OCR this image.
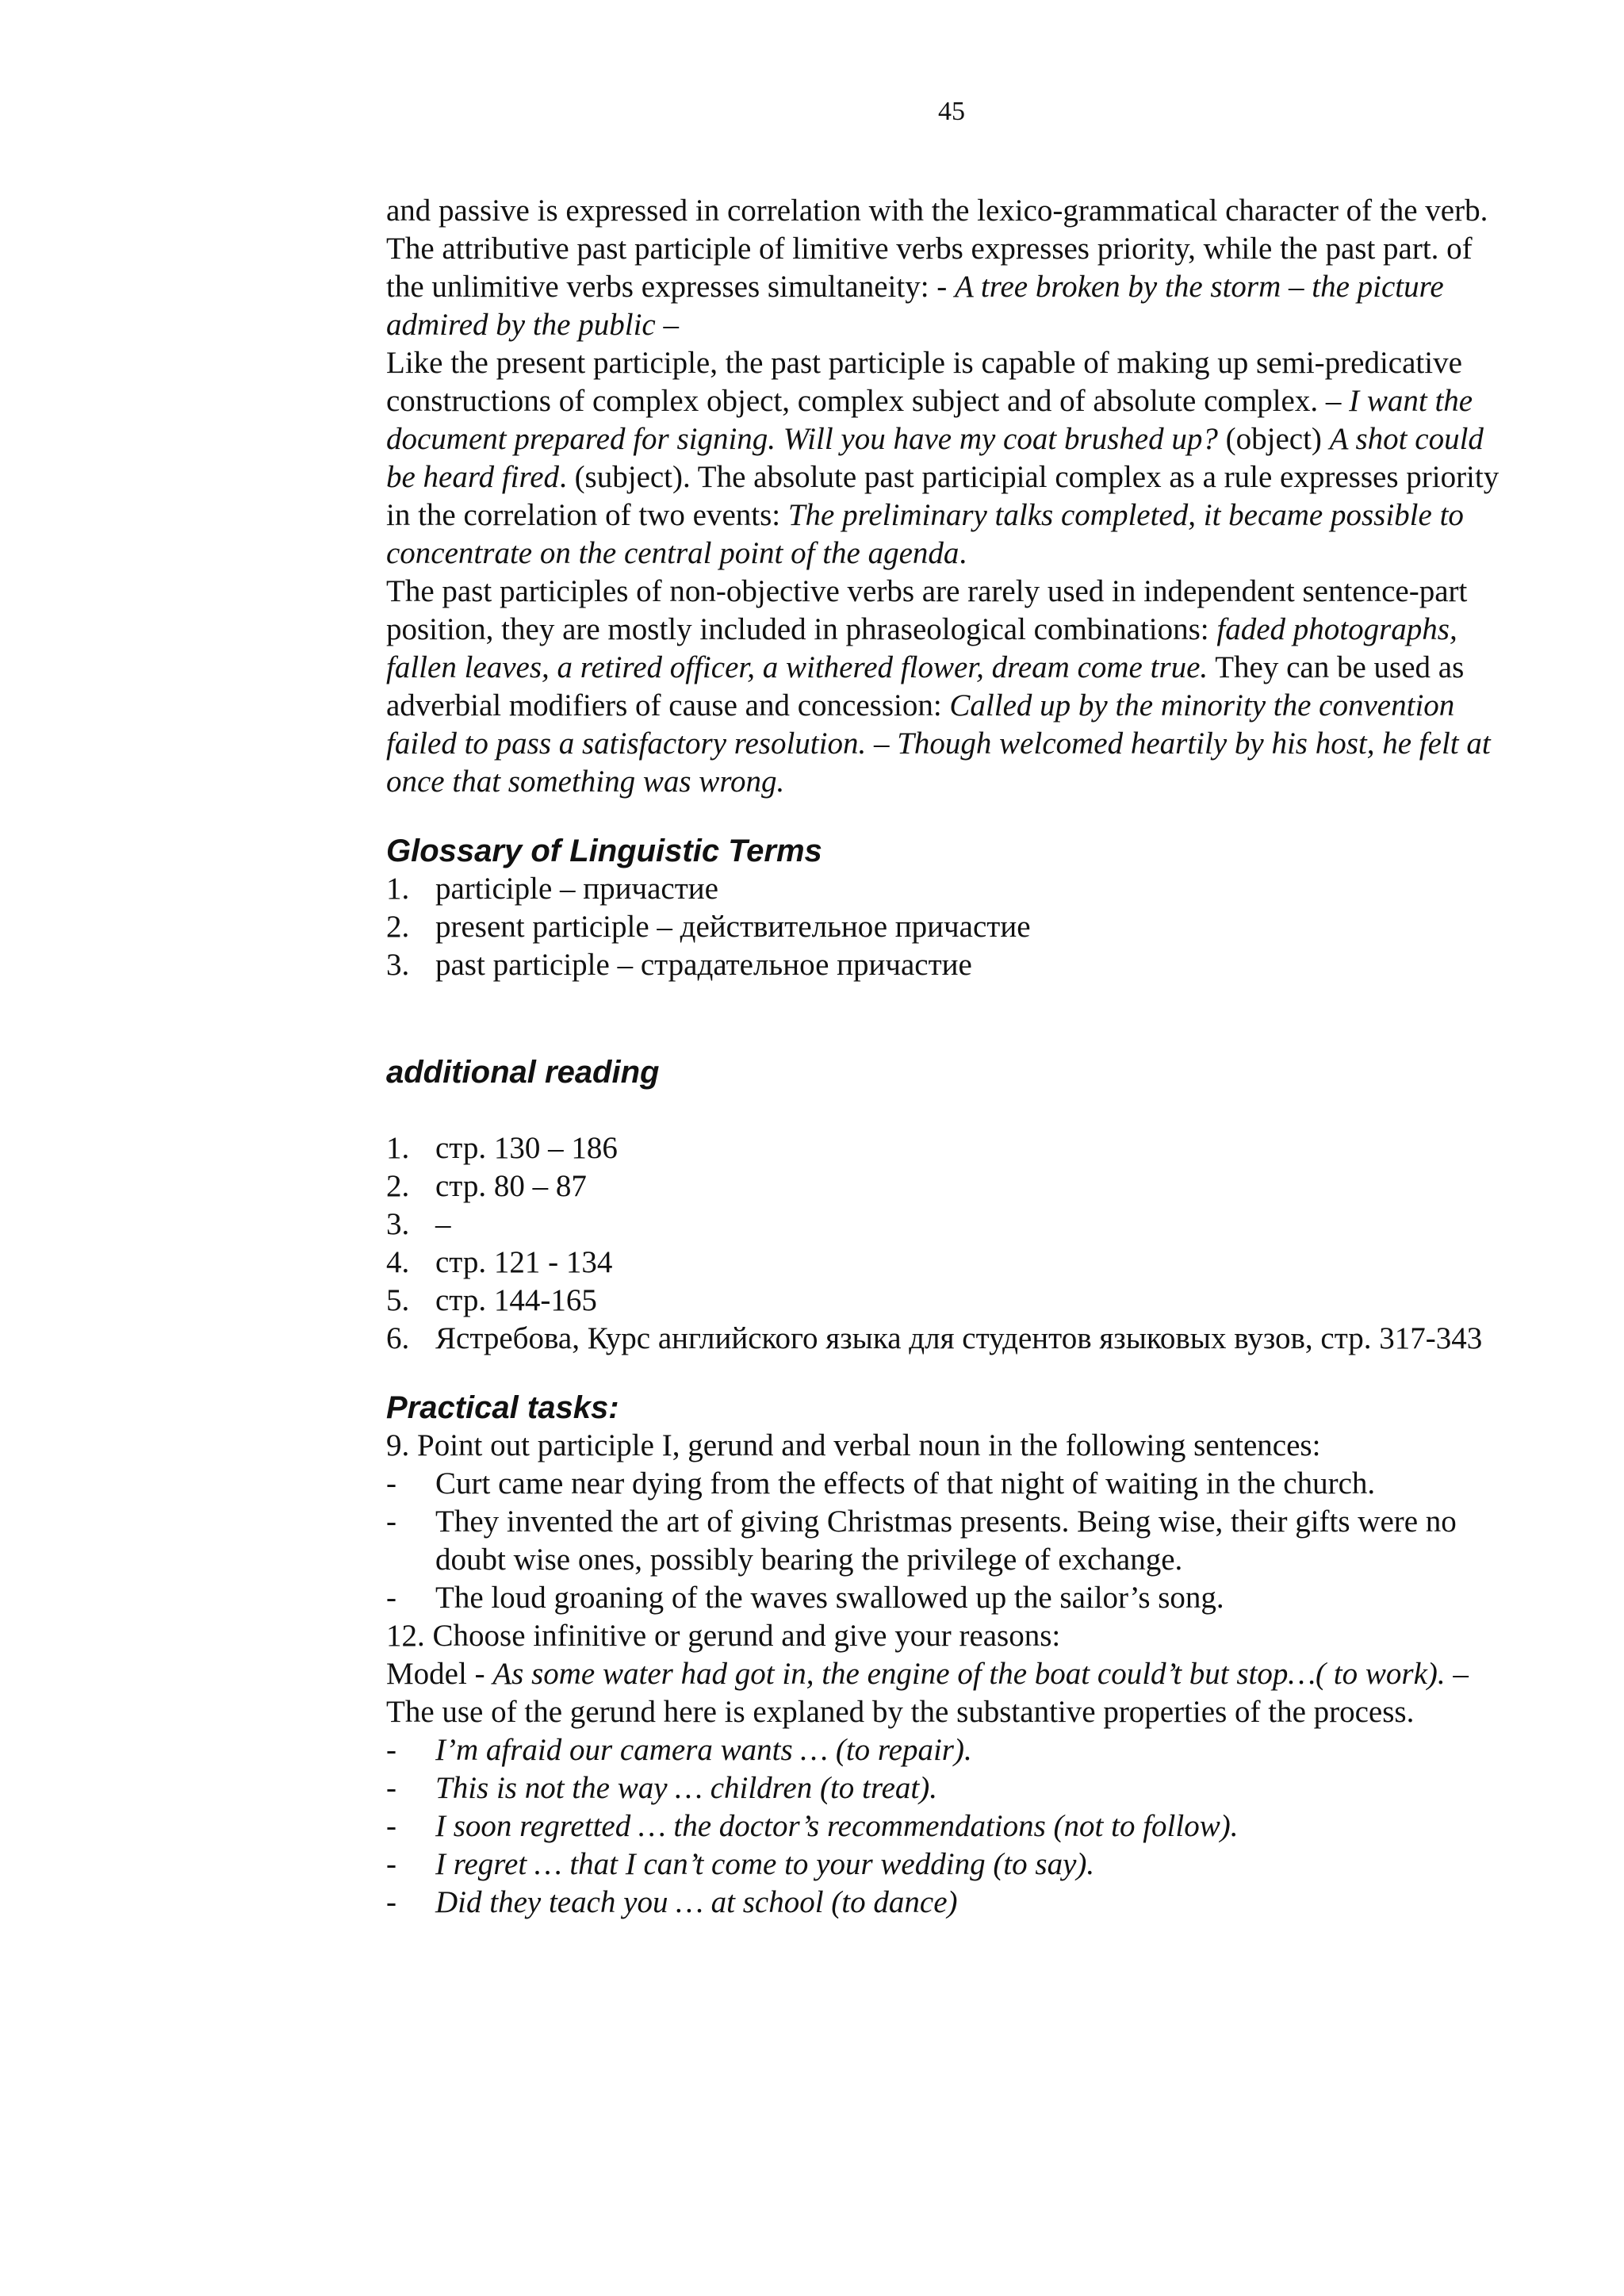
45

and passive is expressed in correlation with the lexico-grammatical character of the verb. The attributive past participle of limitive verbs expresses priority, while the past part. of the unlimitive verbs expresses simultaneity: - A tree broken by the storm – the picture admired by the public –

Like the present participle, the past participle is capable of making up semi-predicative constructions of complex object, complex subject and of absolute complex. – I want the document prepared for signing. Will you have my coat brushed up? (object) A shot could be heard fired. (subject). The absolute past participial complex as a rule expresses priority in the correlation of two events: The preliminary talks completed, it became possible to concentrate on the central point of the agenda.

The past participles of non-objective verbs are rarely used in independent sentence-part position, they are mostly included in phraseological combinations: faded photographs, fallen leaves, a retired officer, a withered flower, dream come true. They can be used as adverbial modifiers of cause and concession: Called up by the minority the convention failed to pass a satisfactory resolution. – Though welcomed heartily by his host, he felt at once that something was wrong.

Glossary of Linguistic Terms
1. participle – причастие
2. present participle – действительное причастие
3. past participle – страдательное причастие
additional reading
1. стр. 130 – 186
2. стр. 80 – 87
3. –
4. стр. 121 - 134
5. стр. 144-165
6. Ястребова, Курс английского языка для студентов языковых вузов, стр. 317-343
Practical tasks:

9. Point out participle I, gerund and verbal noun in the following sentences:

- Curt came near dying from the effects of that night of waiting in the church.
- They invented the art of giving Christmas presents. Being wise, their gifts were no doubt wise ones, possibly bearing the privilege of exchange.
- The loud groaning of the waves swallowed up the sailor’s song.

12. Choose infinitive or gerund and give your reasons:

Model - As some water had got in, the engine of the boat could’t but stop…( to work). – The use of the gerund here is explaned by the substantive properties of the process.

- I’m afraid our camera wants … (to repair).
- This is not the way … children (to treat).
- I soon regretted … the doctor’s recommendations (not to follow).
- I regret … that I can’t come to your wedding (to say).
- Did they teach you … at school (to dance)
